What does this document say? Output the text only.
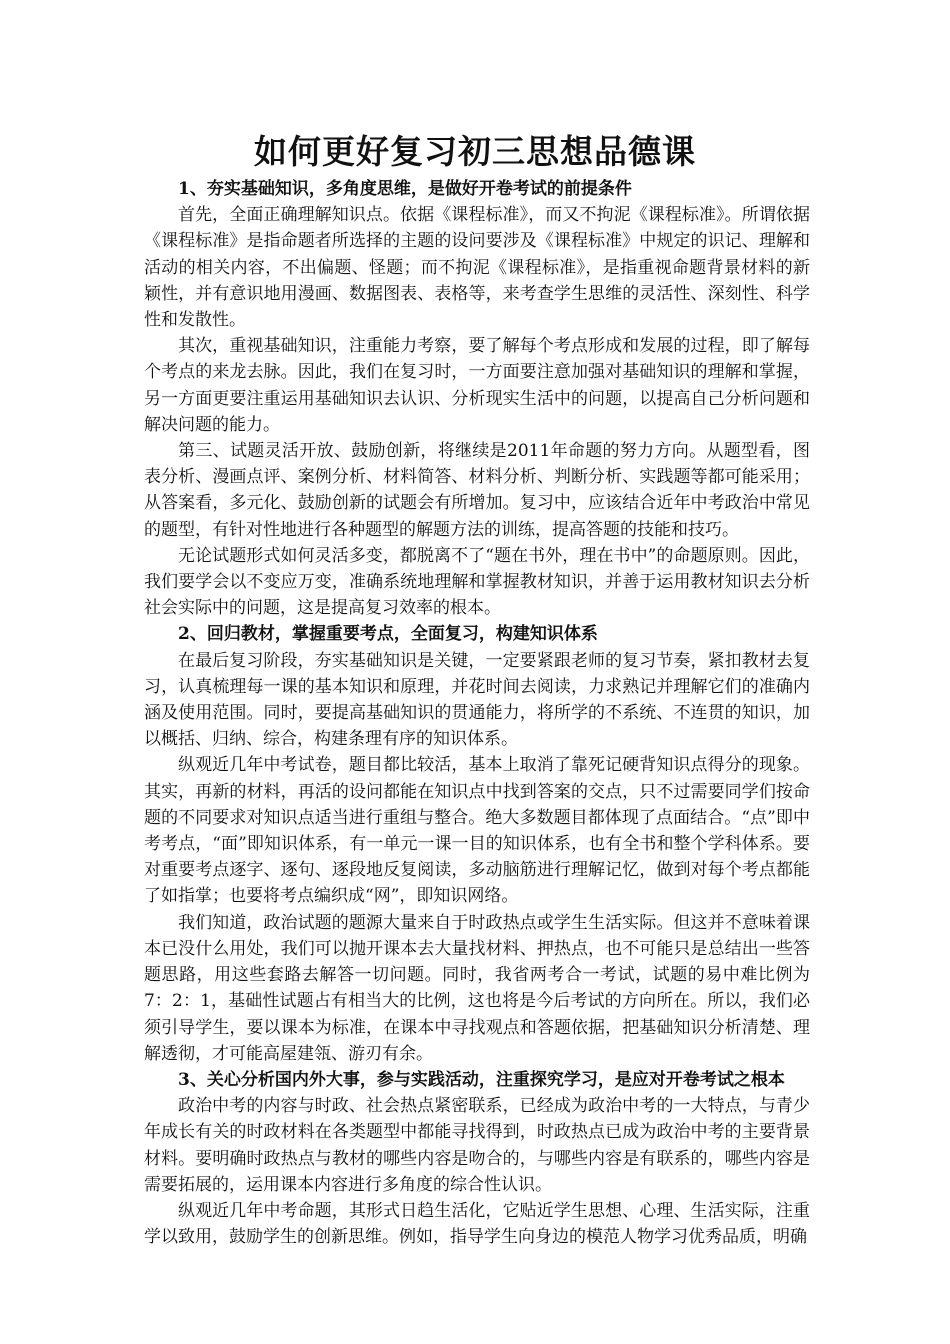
如何更好复习初三思想品德课
1、夯实基础知识，多角度思维，是做好开卷考试的前提条件

首先，全面正确理解知识点。依据《课程标准》，而又不拘泥《课程标准》。所谓依据《课程标准》是指命题者所选择的主题的设问要涉及《课程标准》中规定的识记、理解和活动的相关内容，不出偏题、怪题；而不拘泥《课程标准》，是指重视命题背景材料的新颖性，并有意识地用漫画、数据图表、表格等，来考查学生思维的灵活性、深刻性、科学性和发散性。

其次，重视基础知识，注重能力考察，要了解每个考点形成和发展的过程，即了解每个考点的来龙去脉。因此，我们在复习时，一方面要注意加强对基础知识的理解和掌握，另一方面更要注重运用基础知识去认识、分析现实生活中的问题，以提高自己分析问题和解决问题的能力。

第三、试题灵活开放、鼓励创新，将继续是2011年命题的努力方向。从题型看，图表分析、漫画点评、案例分析、材料简答、材料分析、判断分析、实践题等都可能采用；从答案看，多元化、鼓励创新的试题会有所增加。复习中，应该结合近年中考政治中常见的题型，有针对性地进行各种题型的解题方法的训练，提高答题的技能和技巧。

无论试题形式如何灵活多变，都脱离不了“题在书外，理在书中”的命题原则。因此，我们要学会以不变应万变，准确系统地理解和掌握教材知识，并善于运用教材知识去分析社会实际中的问题，这是提高复习效率的根本。

2、回归教材，掌握重要考点，全面复习，构建知识体系

在最后复习阶段，夯实基础知识是关键，一定要紧跟老师的复习节奏，紧扣教材去复习，认真梳理每一课的基本知识和原理，并花时间去阅读，力求熟记并理解它们的准确内涵及使用范围。同时，要提高基础知识的贯通能力，将所学的不系统、不连贯的知识，加以概括、归纳、综合，构建条理有序的知识体系。

纵观近几年中考试卷，题目都比较活，基本上取消了靠死记硬背知识点得分的现象。其实，再新的材料，再活的设问都能在知识点中找到答案的交点，只不过需要同学们按命题的不同要求对知识点适当进行重组与整合。绝大多数题目都体现了点面结合。“点”即中考考点，“面”即知识体系，有一单元一课一目的知识体系，也有全书和整个学科体系。要对重要考点逐字、逐句、逐段地反复阅读，多动脑筋进行理解记忆，做到对每个考点都能了如指掌；也要将考点编织成“网”，即知识网络。

我们知道，政治试题的题源大量来自于时政热点或学生生活实际。但这并不意味着课本已没什么用处，我们可以抛开课本去大量找材料、押热点，也不可能只是总结出一些答题思路，用这些套路去解答一切问题。同时，我省两考合一考试，试题的易中难比例为7：2：1，基础性试题占有相当大的比例，这也将是今后考试的方向所在。所以，我们必须引导学生，要以课本为标准，在课本中寻找观点和答题依据，把基础知识分析清楚、理解透彻，才可能高屋建瓴、游刃有余。

3、关心分析国内外大事，参与实践活动，注重探究学习，是应对开卷考试之根本

政治中考的内容与时政、社会热点紧密联系，已经成为政治中考的一大特点，与青少年成长有关的时政材料在各类题型中都能寻找得到，时政热点已成为政治中考的主要背景材料。要明确时政热点与教材的哪些内容是吻合的，与哪些内容是有联系的，哪些内容是需要拓展的，运用课本内容进行多角度的综合性认识。

纵观近几年中考命题，其形式日趋生活化，它贴近学生思想、心理、生活实际，注重学以致用，鼓励学生的创新思维。例如，指导学生向身边的模范人物学习优秀品质，明确
